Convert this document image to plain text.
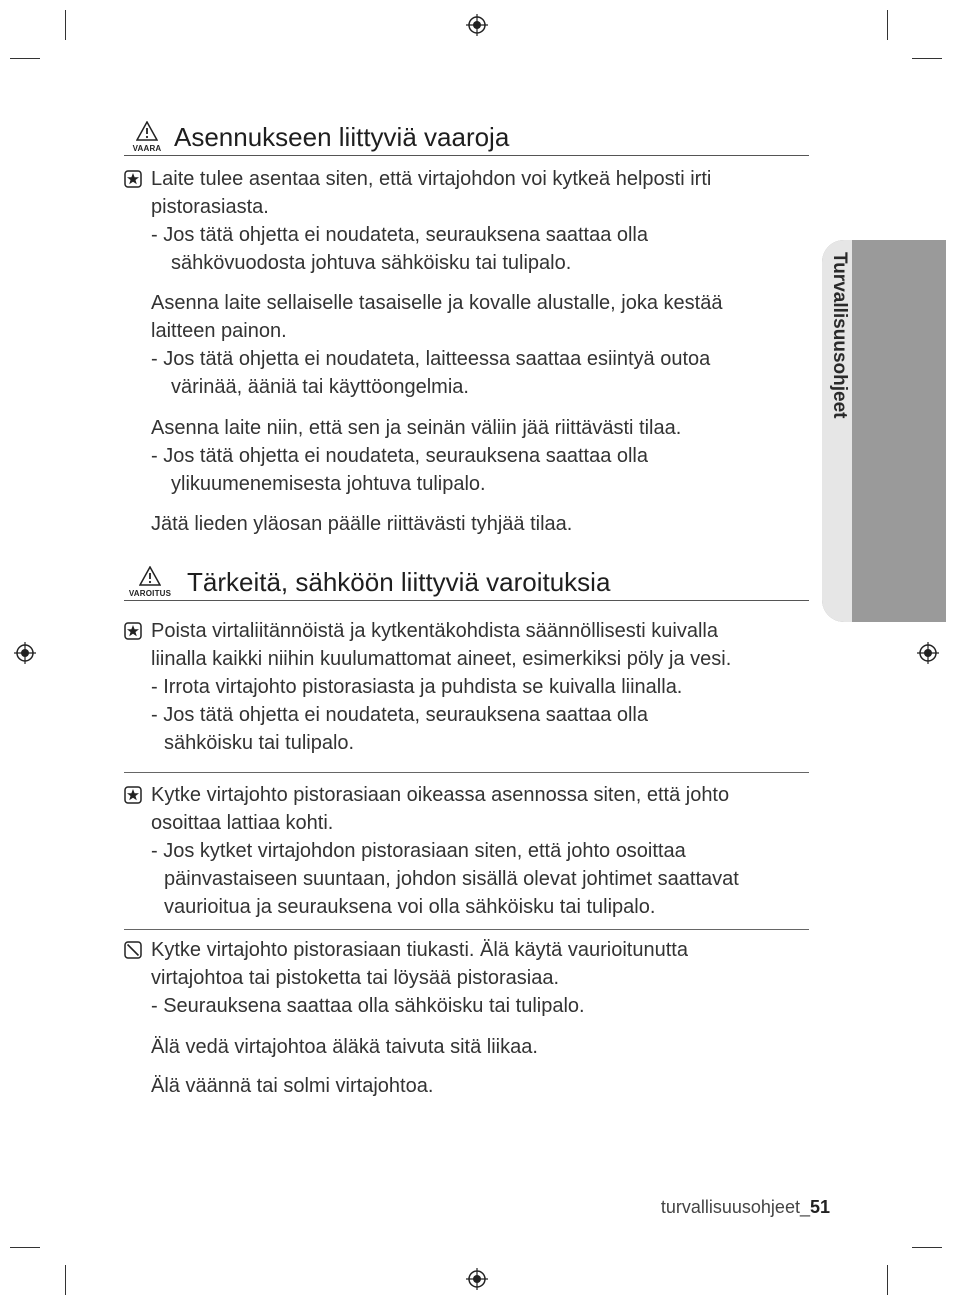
Turvallisuusohjeet
VAARA Asennukseen liittyviä vaaroja
Laite tulee asentaa siten, että virtajohdon voi kytkeä helposti irti
pistorasiasta.
- Jos tätä ohjetta ei noudateta, seurauksena saattaa olla
sähkövuodosta johtuva sähköisku tai tulipalo.
Asenna laite sellaiselle tasaiselle ja kovalle alustalle, joka kestää
laitteen painon.
- Jos tätä ohjetta ei noudateta, laitteessa saattaa esiintyä outoa
värinää, ääniä tai käyttöongelmia.
Asenna laite niin, että sen ja seinän väliin jää riittävästi tilaa.
- Jos tätä ohjetta ei noudateta, seurauksena saattaa olla
ylikuumenemisesta johtuva tulipalo.
Jätä lieden yläosan päälle riittävästi tyhjää tilaa.
VAROITUS Tärkeitä, sähköön liittyviä varoituksia
Poista virtaliitännöistä ja kytkentäkohdista säännöllisesti kuivalla
liinalla kaikki niihin kuulumattomat aineet, esimerkiksi pöly ja vesi.
- Irrota virtajohto pistorasiasta ja puhdista se kuivalla liinalla.
- Jos tätä ohjetta ei noudateta, seurauksena saattaa olla
sähköisku tai tulipalo.
Kytke virtajohto pistorasiaan oikeassa asennossa siten, että johto
osoittaa lattiaa kohti.
- Jos kytket virtajohdon pistorasiaan siten, että johto osoittaa
päinvastaiseen suuntaan, johdon sisällä olevat johtimet saattavat
vaurioitua ja seurauksena voi olla sähköisku tai tulipalo.
Kytke virtajohto pistorasiaan tiukasti. Älä käytä vaurioitunutta
virtajohtoa tai pistoketta tai löysää pistorasiaa.
- Seurauksena saattaa olla sähköisku tai tulipalo.
Älä vedä virtajohtoa äläkä taivuta sitä liikaa.
Älä väännä tai solmi virtajohtoa.
turvallisuusohjeet_51
